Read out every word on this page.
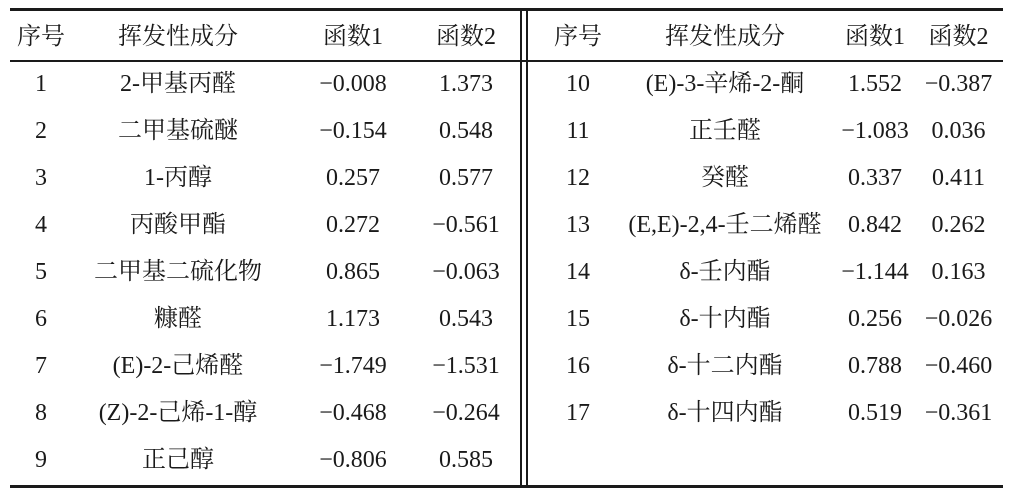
序号	挥发性成分	函数1	函数2	序号	挥发性成分	函数1 函数2
1	2-甲基丙醛	−0.008	1.373
2	二甲基硫醚	−0.154	0.548
3	1-丙醇	0.257	0.577
4	丙酸甲酯	0.272	−0.561
5	二甲基二硫化物	0.865	−0.063
6	糠醛	1.173	0.543
7	(E)-2-己烯醛	−1.749	−1.531
8	(Z)-2-己烯-1-醇	−0.468	−0.264
9	正己醇	−0.806	0.585
10	(E)-3-辛烯-2-酮	1.552 −0.387
11	正壬醛	−1.083 0.036
12	癸醛	0.337	0.411
13	(E,E)-2,4-壬二烯醛	0.842	0.262
14	δ-壬内酯	−1.144 0.163
15	δ-十内酯	0.256 −0.026
16	δ-十二内酯	0.788 −0.460
17	δ-十四内酯	0.519 −0.361
